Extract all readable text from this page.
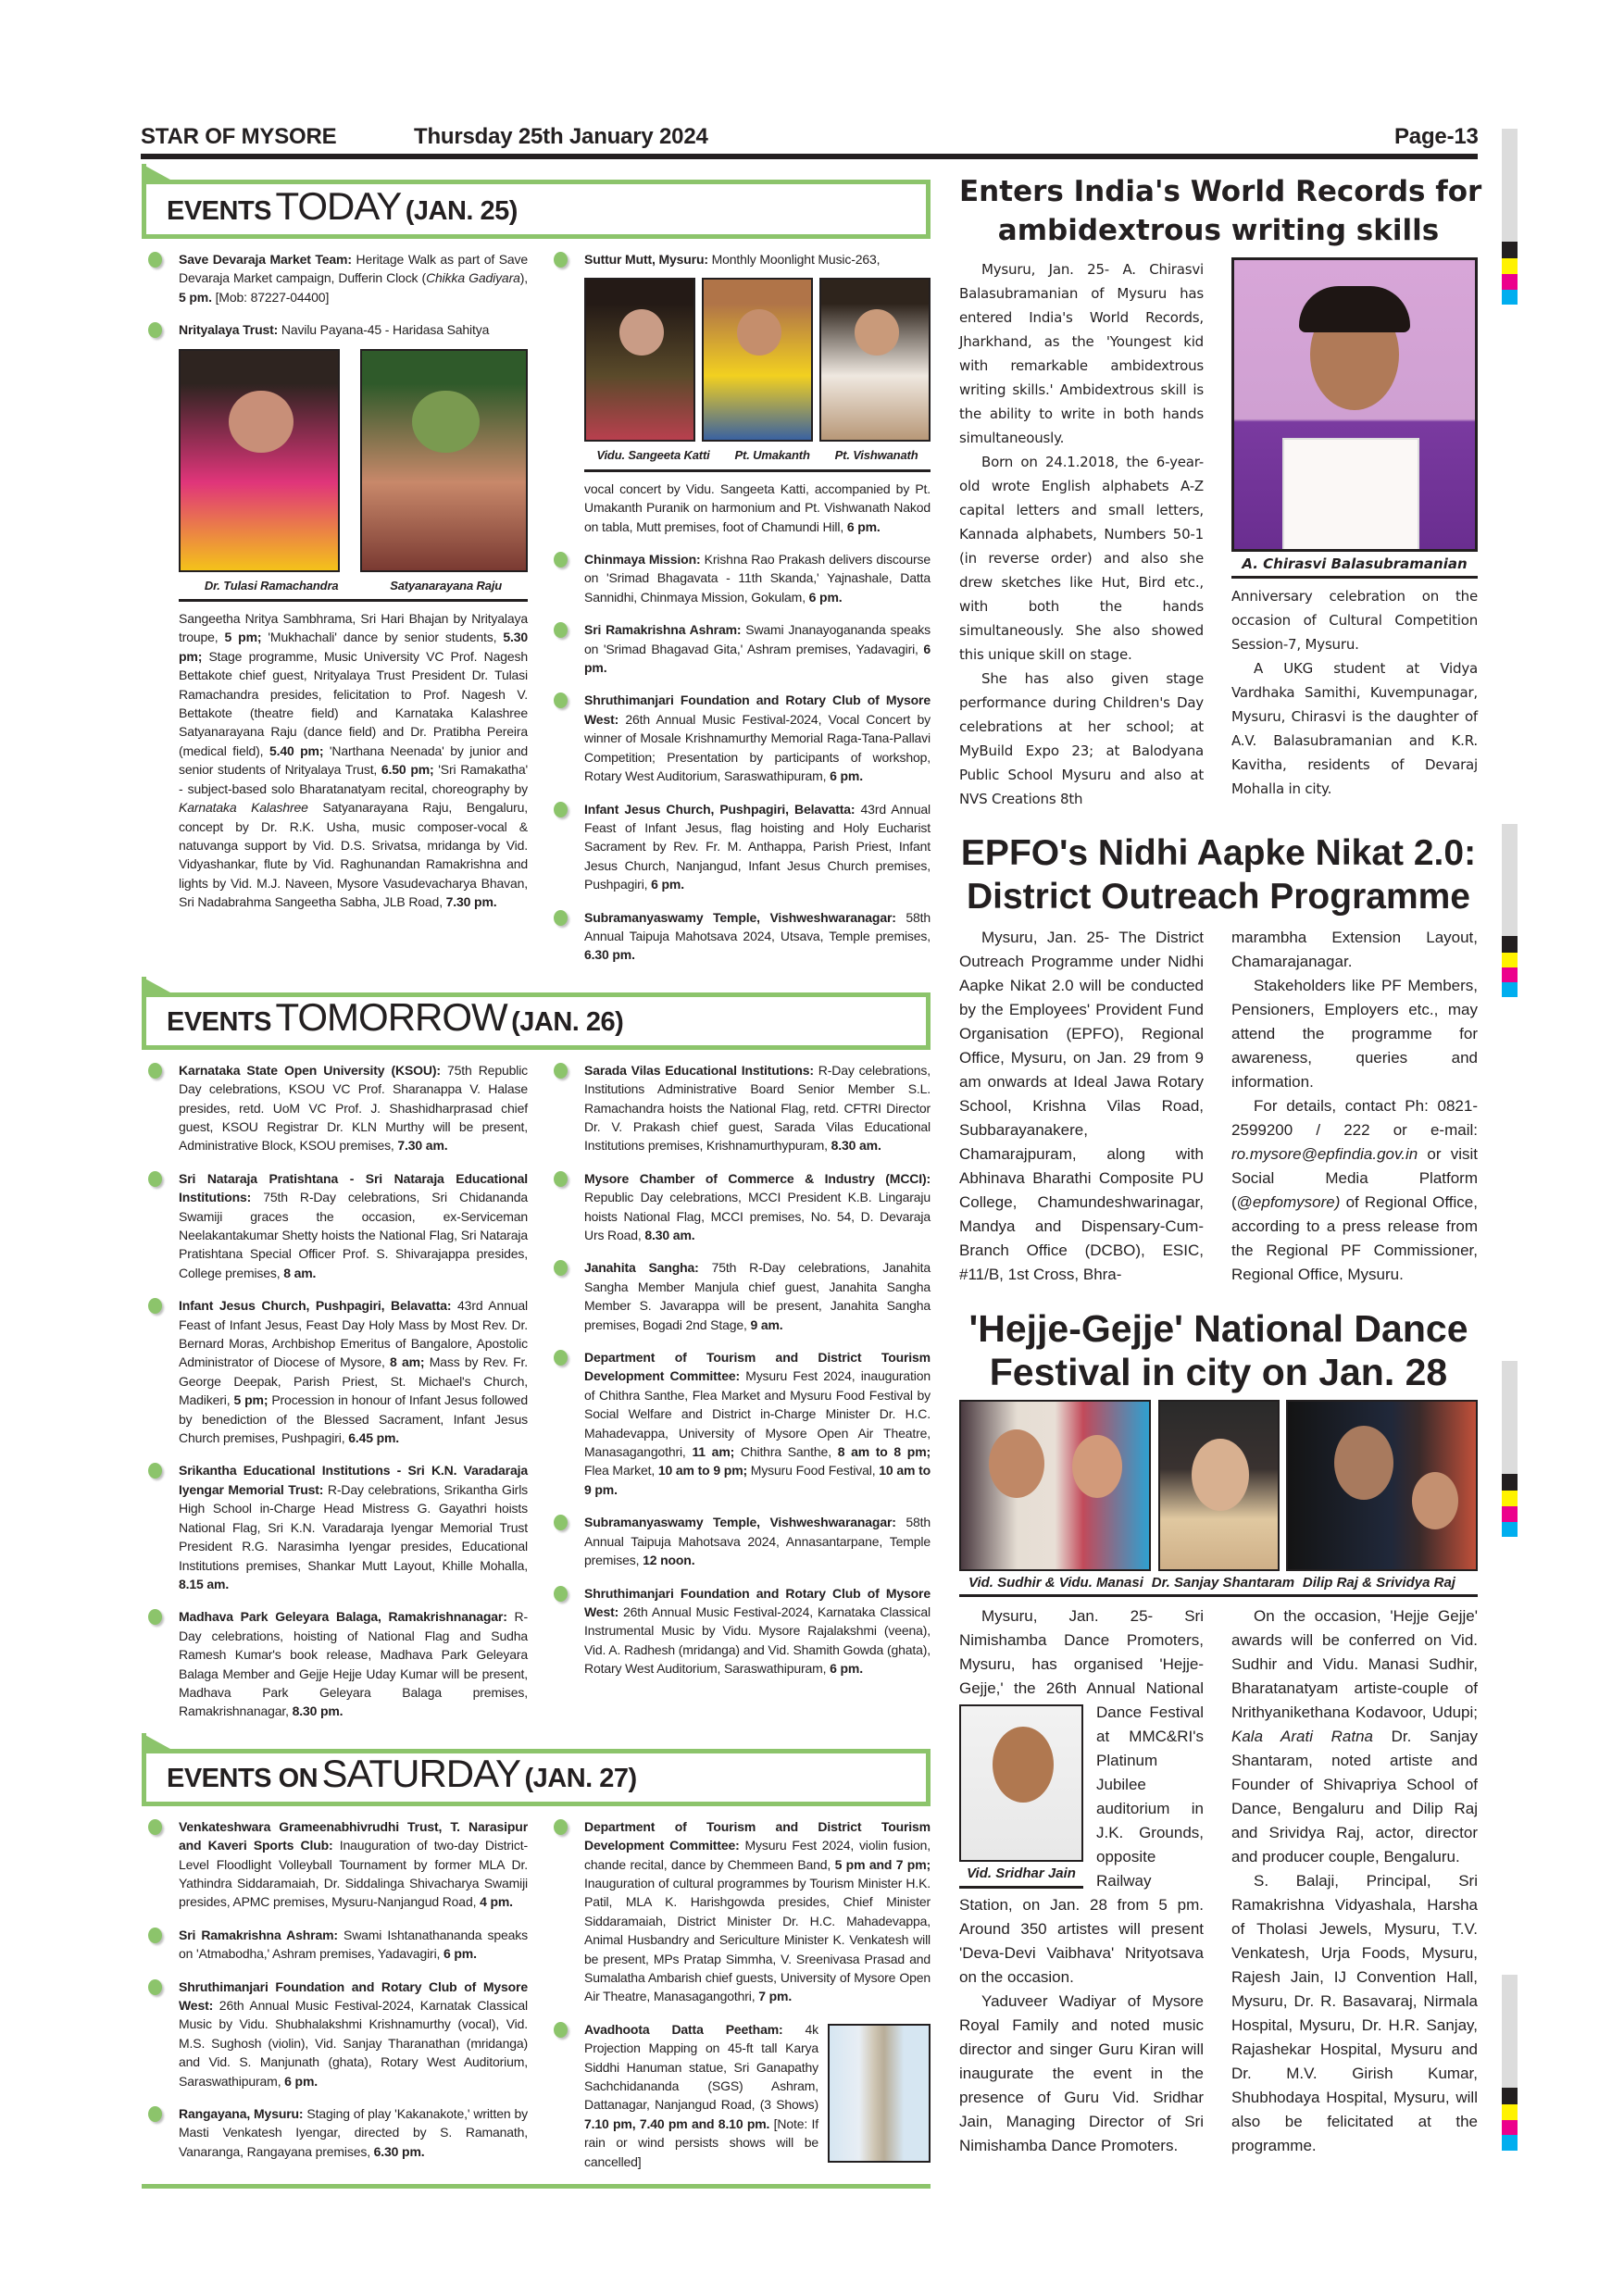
STAR OF MYSORE	Thursday 25th January 2024	Page-13
EVENTS TODAY (JAN. 25)

Save Devaraja Market Team: Heritage Walk as part of Save Devaraja Market campaign, Dufferin Clock (Chikka Gadiyara), 5 pm. [Mob: 87227-04400]

Nrityalaya Trust: Navilu Payana-45 - Haridasa Sahitya

Dr. Tulasi Ramachandra	Satyanarayana Raju

Sangeetha Nritya Sambhrama, Sri Hari Bhajan by Nrityalaya troupe, 5 pm; 'Mukhachali' dance by senior students, 5.30 pm; Stage programme, Music University VC Prof. Nagesh Bettakote chief guest, Nrityalaya Trust President Dr. Tulasi Ramachandra presides, felicitation to Prof. Nagesh V. Bettakote (theatre field) and Karnataka Kalashree Satyanarayana Raju (dance field) and Dr. Pratibha Pereira (medical field), 5.40 pm; 'Narthana Neenada' by junior and senior students of Nrityalaya Trust, 6.50 pm; 'Sri Ramakatha' - subject-based solo Bharatanatyam recital, choreography by Karnataka Kalashree Satyanarayana Raju, Bengaluru, concept by Dr. R.K. Usha, music composer-vocal & natuvanga support by Vid. D.S. Srivatsa, mridanga by Vid. Vidyashankar, flute by Vid. Raghunandan Ramakrishna and lights by Vid. M.J. Naveen, Mysore Vasudevacharya Bhavan, Sri Nadabrahma Sangeetha Sabha, JLB Road, 7.30 pm.

Suttur Mutt, Mysuru: Monthly Moonlight Music-263,

Vidu. Sangeeta Katti Pt. Umakanth Pt. Vishwanath

vocal concert by Vidu. Sangeeta Katti, accompanied by Pt. Umakanth Puranik on harmonium and Pt. Vishwanath Nakod on tabla, Mutt premises, foot of Chamundi Hill, 6 pm.

Chinmaya Mission: Krishna Rao Prakash delivers discourse on 'Srimad Bhagavata - 11th Skanda,' Yajnashale, Datta Sannidhi, Chinmaya Mission, Gokulam, 6 pm.

Sri Ramakrishna Ashram: Swami Jnanayogananda speaks on 'Srimad Bhagavad Gita,' Ashram premises, Yadavagiri, 6 pm.

Shruthimanjari Foundation and Rotary Club of Mysore West: 26th Annual Music Festival-2024, Vocal Concert by winner of Mosale Krishnamurthy Memorial Raga-Tana-Pallavi Competition; Presentation by participants of workshop, Rotary West Auditorium, Saraswathipuram, 6 pm.

Infant Jesus Church, Pushpagiri, Belavatta: 43rd Annual Feast of Infant Jesus, flag hoisting and Holy Eucharist Sacrament by Rev. Fr. M. Anthappa, Parish Priest, Infant Jesus Church, Nanjangud, Infant Jesus Church premises, Pushpagiri, 6 pm.

Subramanyaswamy Temple, Vishweshwaranagar: 58th Annual Taipuja Mahotsava 2024, Utsava, Temple premises, 6.30 pm.

EVENTS TOMORROW (JAN. 26)

Karnataka State Open University (KSOU): 75th Republic Day celebrations, KSOU VC Prof. Sharanappa V. Halase presides, retd. UoM VC Prof. J. Shashidharprasad chief guest, KSOU Registrar Dr. KLN Murthy will be present, Administrative Block, KSOU premises, 7.30 am.

Sri Nataraja Pratishtana - Sri Nataraja Educational Institutions: 75th R-Day celebrations, Sri Chidananda Swamiji graces the occasion, ex-Serviceman Neelakantakumar Shetty hoists the National Flag, Sri Nataraja Pratishtana Special Officer Prof. S. Shivarajappa presides, College premises, 8 am.

Infant Jesus Church, Pushpagiri, Belavatta: 43rd Annual Feast of Infant Jesus, Feast Day Holy Mass by Most Rev. Dr. Bernard Moras, Archbishop Emeritus of Bangalore, Apostolic Administrator of Diocese of Mysore, 8 am; Mass by Rev. Fr. George Deepak, Parish Priest, St. Michael's Church, Madikeri, 5 pm; Procession in honour of Infant Jesus followed by benediction of the Blessed Sacrament, Infant Jesus Church premises, Pushpagiri, 6.45 pm.

Srikantha Educational Institutions - Sri K.N. Varadaraja Iyengar Memorial Trust: R-Day celebrations, Srikantha Girls High School in-Charge Head Mistress G. Gayathri hoists National Flag, Sri K.N. Varadaraja Iyengar Memorial Trust President R.G. Narasimha Iyengar presides, Educational Institutions premises, Shankar Mutt Layout, Khille Mohalla, 8.15 am.

Madhava Park Geleyara Balaga, Ramakrishnanagar: R-Day celebrations, hoisting of National Flag and Sudha Ramesh Kumar's book release, Madhava Park Geleyara Balaga Member and Gejje Hejje Uday Kumar will be present, Madhava Park Geleyara Balaga premises, Ramakrishnanagar, 8.30 pm.

Sarada Vilas Educational Institutions: R-Day celebrations, Institutions Administrative Board Senior Member S.L. Ramachandra hoists the National Flag, retd. CFTRI Director Dr. V. Prakash chief guest, Sarada Vilas Educational Institutions premises, Krishnamurthypuram, 8.30 am.

Mysore Chamber of Commerce & Industry (MCCI): Republic Day celebrations, MCCI President K.B. Lingaraju hoists National Flag, MCCI premises, No. 54, D. Devaraja Urs Road, 8.30 am.

Janahita Sangha: 75th R-Day celebrations, Janahita Sangha Member Manjula chief guest, Janahita Sangha Member S. Javarappa will be present, Janahita Sangha premises, Bogadi 2nd Stage, 9 am.

Department of Tourism and District Tourism Development Committee: Mysuru Fest 2024, inauguration of Chithra Santhe, Flea Market and Mysuru Food Festival by Social Welfare and District in-Charge Minister Dr. H.C. Mahadevappa, University of Mysore Open Air Theatre, Manasagangothri, 11 am; Chithra Santhe, 8 am to 8 pm; Flea Market, 10 am to 9 pm; Mysuru Food Festival, 10 am to 9 pm.

Subramanyaswamy Temple, Vishweshwaranagar: 58th Annual Taipuja Mahotsava 2024, Annasantarpane, Temple premises, 12 noon.

Shruthimanjari Foundation and Rotary Club of Mysore West: 26th Annual Music Festival-2024, Karnataka Classical Instrumental Music by Vidu. Mysore Rajalakshmi (veena), Vid. A. Radhesh (mridanga) and Vid. Shamith Gowda (ghata), Rotary West Auditorium, Saraswathipuram, 6 pm.

EVENTS ON SATURDAY (JAN. 27)

Venkateshwara Grameenabhivrudhi Trust, T. Narasipur and Kaveri Sports Club: Inauguration of two-day District-Level Floodlight Volleyball Tournament by former MLA Dr. Yathindra Siddaramaiah, Dr. Siddalinga Shivacharya Swamiji presides, APMC premises, Mysuru-Nanjangud Road, 4 pm.

Sri Ramakrishna Ashram: Swami Ishtanathananda speaks on 'Atmabodha,' Ashram premises, Yadavagiri, 6 pm.

Shruthimanjari Foundation and Rotary Club of Mysore West: 26th Annual Music Festival-2024, Karnatak Classical Music by Vidu. Shubhalakshmi Krishnamurthy (vocal), Vid. M.S. Sughosh (violin), Vid. Sanjay Tharanathan (mridanga) and Vid. S. Manjunath (ghata), Rotary West Auditorium, Saraswathipuram, 6 pm.

Rangayana, Mysuru: Staging of play 'Kakanakote,' written by Masti Venkatesh Iyengar, directed by S. Ramanath, Vanaranga, Rangayana premises, 6.30 pm.

Department of Tourism and District Tourism Development Committee: Mysuru Fest 2024, violin fusion, chande recital, dance by Chemmeen Band, 5 pm and 7 pm; Inauguration of cultural programmes by Tourism Minister H.K. Patil, MLA K. Harishgowda presides, Chief Minister Siddaramaiah, District Minister Dr. H.C. Mahadevappa, Animal Husbandry and Sericulture Minister K. Venkatesh will be present, MPs Pratap Simmha, V. Sreenivasa Prasad and Sumalatha Ambarish chief guests, University of Mysore Open Air Theatre, Manasagangothri, 7 pm.

Avadhoota Datta Peetham: 4k Projection Mapping on 45-ft tall Karya Siddhi Hanuman statue, Sri Ganapathy Sachchidananda (SGS) Ashram, Dattanagar, Nanjangud Road, (3 Shows) 7.10 pm, 7.40 pm and 8.10 pm. [Note: If rain or wind persists shows will be cancelled]

Enters India's World Records for
ambidextrous writing skills

Mysuru, Jan. 25- A. Chirasvi Balasubramanian of Mysuru has entered India's World Records, Jharkhand, as the 'Youngest kid with remarkable ambidextrous writing skills.' Ambidextrous skill is the ability to write in both hands simultaneously.

Born on 24.1.2018, the 6-year-old wrote English alphabets A-Z capital letters and small letters, Kannada alphabets, Numbers 50-1 (in reverse order) and also she drew sketches like Hut, Bird etc., with both the hands simultaneously. She also showed this unique skill on stage.

She has also given stage performance during Children's Day celebrations at her school; at MyBuild Expo 23; at Balodyana Public School Mysuru and also at NVS Creations 8th

A. Chirasvi Balasubramanian

Anniversary celebration on the occasion of Cultural Competition Session-7, Mysuru.

A UKG student at Vidya Vardhaka Samithi, Kuvempunagar, Mysuru, Chirasvi is the daughter of A.V. Balasubramanian and K.R. Kavitha, residents of Devaraj Mohalla in city.

EPFO's Nidhi Aapke Nikat 2.0:
District Outreach Programme

Mysuru, Jan. 25- The District Outreach Programme under Nidhi Aapke Nikat 2.0 will be conducted by the Employees' Provident Fund Organisation (EPFO), Regional Office, Mysuru, on Jan. 29 from 9 am onwards at Ideal Jawa Rotary School, Krishna Vilas Road, Subbarayanakere, Chamarajpuram, along with Abhinava Bharathi Composite PU College, Chamundeshwarinagar, Mandya and Dispensary-Cum-Branch Office (DCBO), ESIC, #11/B, 1st Cross, Bhra-

marambha Extension Layout, Chamarajanagar.

Stakeholders like PF Members, Pensioners, Employers etc., may attend the programme for awareness, queries and information.

For details, contact Ph: 0821-2599200 / 222 or e-mail: ro.mysore@epfindia.gov.in or visit Social Media Platform (@epfomysore) of Regional Office, according to a press release from the Regional PF Commissioner, Regional Office, Mysuru.

'Hejje-Gejje' National Dance
Festival in city on Jan. 28
Vid. Sudhir & Vidu. Manasi Dr. Sanjay Shantaram Dilip Raj & Srividya Raj

Mysuru, Jan. 25- Sri Nimishamba Dance Promoters, Mysuru, has organised 'Hejje-Gejje,' the 26th Annual National
Vid. Sridhar Jain
Dance Festival at MMC&RI's Platinum Jubilee auditorium in J.K. Grounds, opposite Railway Station, on Jan. 28 from 5 pm. Around 350 artistes will present 'Deva-Devi Vaibhava' Nrityotsava on the occasion.

Yaduveer Wadiyar of Mysore Royal Family and noted music director and singer Guru Kiran will inaugurate the event in the presence of Guru Vid. Sridhar Jain, Managing Director of Sri Nimishamba Dance Promoters.

On the occasion, 'Hejje Gejje' awards will be conferred on Vid. Sudhir and Vidu. Manasi Sudhir, Bharatanatyam artiste-couple of Nrithyanikethana Kodavoor, Udupi; Kala Arati Ratna Dr. Sanjay Shantaram, noted artiste and Founder of Shivapriya School of Dance, Bengaluru and Dilip Raj and Srividya Raj, actor, director and producer couple, Bengaluru.

S. Balaji, Principal, Sri Ramakrishna Vidyashala, Harsha of Tholasi Jewels, Mysuru, T.V. Venkatesh, Urja Foods, Mysuru, Rajesh Jain, IJ Convention Hall, Mysuru, Dr. R. Basavaraj, Nirmala Hospital, Mysuru, Dr. H.R. Sanjay, Rajashekar Hospital, Mysuru and Dr. M.V. Girish Kumar, Shubhodaya Hospital, Mysuru, will also be felicitated at the programme.
